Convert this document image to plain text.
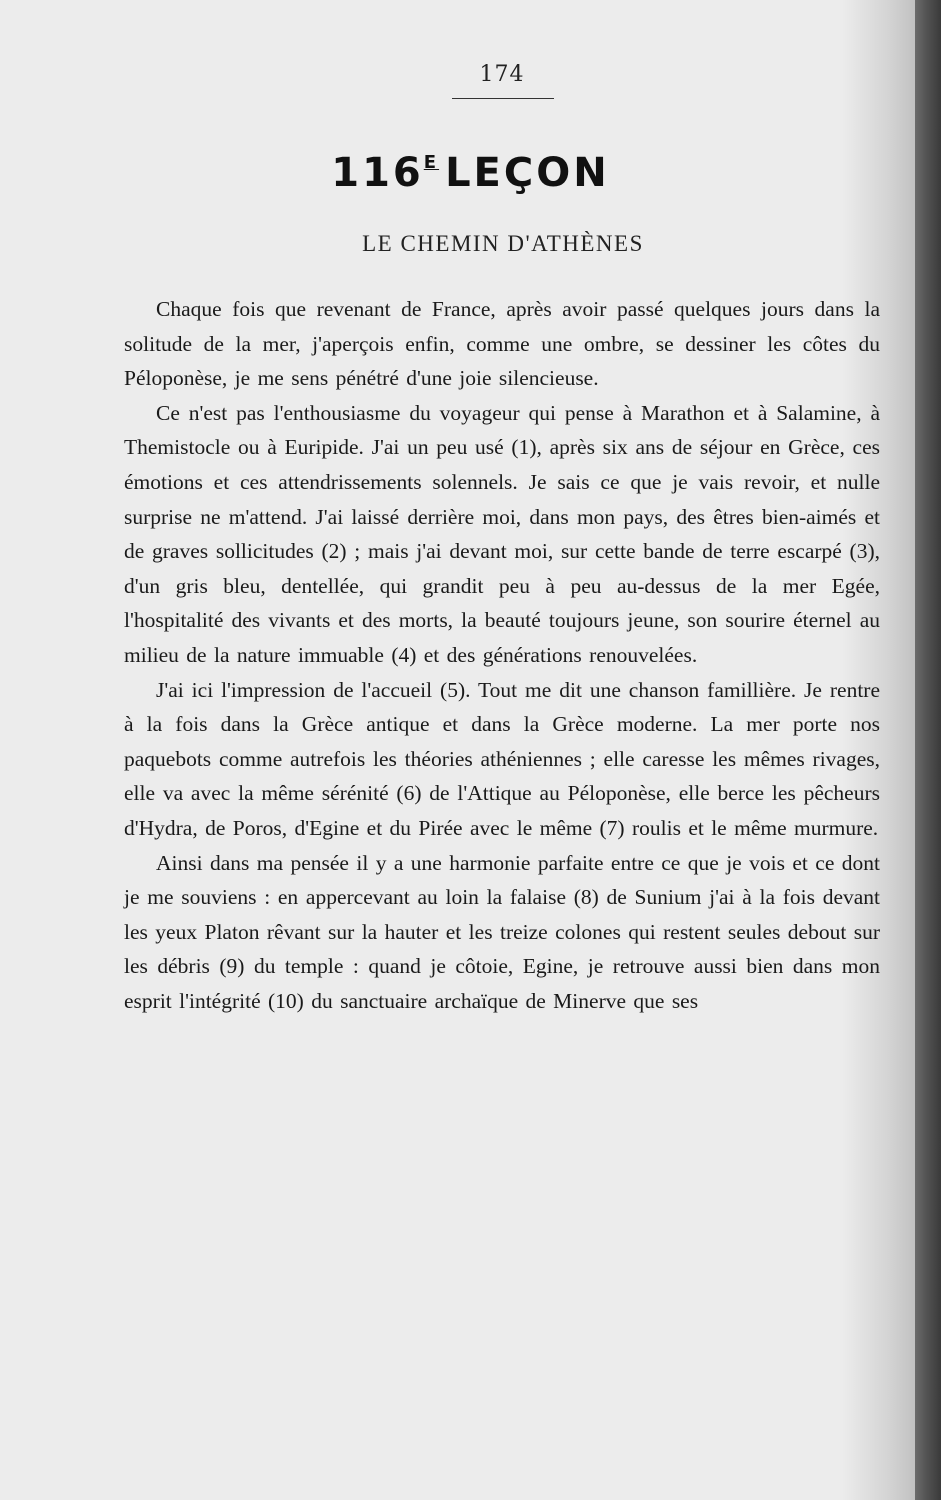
174
$116^E$ LEÇON
LE CHEMIN D'ATHÈNES

Chaque fois que revenant de France, après avoir passé quelques jours dans la solitude de la mer, j'aperçois enfin, comme une ombre, se dessiner les côtes du Péloponèse, je me sens pénétré d'une joie silencieuse.

Ce n'est pas l'enthousiasme du voyageur qui pense à Marathon et à Salamine, à Themistocle ou à Euripide. J'ai un peu usé (1), après six ans de séjour en Grèce, ces émotions et ces attendrissements solennels. Je sais ce que je vais revoir, et nulle surprise ne m'attend. J'ai laissé derrière moi, dans mon pays, des êtres bien-aimés et de graves sollicitudes (2) ; mais j'ai devant moi, sur cette bande de terre escarpé (3), d'un gris bleu, dentellée, qui grandit peu à peu au-dessus de la mer Egée, l'hospitalité des vivants et des morts, la beauté toujours jeune, son sourire éternel au milieu de la nature immuable (4) et des générations renouvelées.

J'ai ici l'impression de l'accueil (5). Tout me dit une chanson famillière. Je rentre à la fois dans la Grèce antique et dans la Grèce moderne. La mer porte nos paquebots comme autrefois les théories athéniennes ; elle caresse les mêmes rivages, elle va avec la même sérénité (6) de l'Attique au Péloponèse, elle berce les pêcheurs d'Hydra, de Poros, d'Egine et du Pirée avec le même (7) roulis et le même murmure.

Ainsi dans ma pensée il y a une harmonie parfaite entre ce que je vois et ce dont je me souviens : en appercevant au loin la falaise (8) de Sunium j'ai à la fois devant les yeux Platon rêvant sur la hauter et les treize colones qui restent seules debout sur les débris (9) du temple : quand je côtoie, Egine, je retrouve aussi bien dans mon esprit l'intégrité (10) du sanctuaire archaïque de Minerve que ses
